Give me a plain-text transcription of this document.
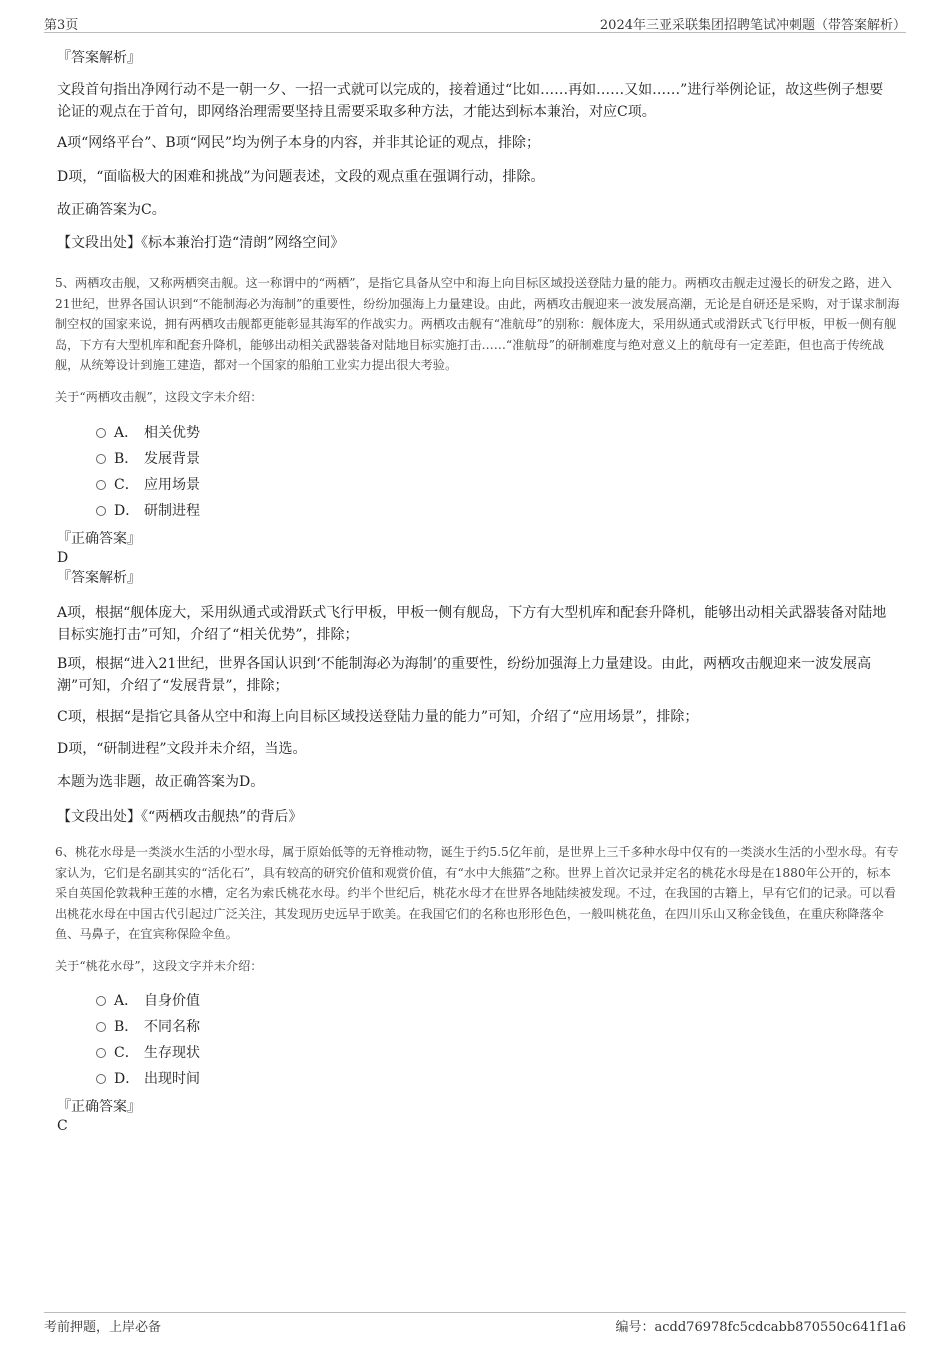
第3页	2024年三亚采联集团招聘笔试冲刺题（带答案解析）
『答案解析』
文段首句指出净网行动不是一朝一夕、一招一式就可以完成的，接着通过“比如……再如……又如……”进行举例论证，故这些例子想要论证的观点在于首句，即网络治理需要坚持且需要采取多种方法，才能达到标本兼治，对应C项。
A项“网络平台”、B项“网民”均为例子本身的内容，并非其论证的观点，排除；
D项，“面临极大的困难和挑战”为问题表述，文段的观点重在强调行动，排除。
故正确答案为C。
【文段出处】《标本兼治打造“清朗”网络空间》
5、两栖攻击舰，又称两栖突击舰。这一称谓中的“两栖”，是指它具备从空中和海上向目标区域投送登陆力量的能力。两栖攻击舰走过漫长的研发之路，进入21世纪，世界各国认识到“不能制海必为海制”的重要性，纷纷加强海上力量建设。由此，两栖攻击舰迎来一波发展高潮，无论是自研还是采购，对于谋求制海制空权的国家来说，拥有两栖攻击舰都更能彰显其海军的作战实力。两栖攻击舰有“准航母”的别称：舰体庞大，采用纵通式或滑跃式飞行甲板，甲板一侧有舰岛，下方有大型机库和配套升降机，能够出动相关武器装备对陆地目标实施打击……“准航母”的研制难度与绝对意义上的航母有一定差距，但也高于传统战舰，从统筹设计到施工建造，都对一个国家的船舶工业实力提出很大考验。
关于“两栖攻击舰”，这段文字未介绍：
A． 相关优势
B． 发展背景
C． 应用场景
D． 研制进程
『正确答案』
D
『答案解析』
A项，根据“舰体庞大，采用纵通式或滑跃式飞行甲板，甲板一侧有舰岛，下方有大型机库和配套升降机，能够出动相关武器装备对陆地目标实施打击”可知，介绍了“相关优势”，排除；
B项，根据“进入21世纪，世界各国认识到‘不能制海必为海制’的重要性，纷纷加强海上力量建设。由此，两栖攻击舰迎来一波发展高潮”可知，介绍了“发展背景”，排除；
C项，根据“是指它具备从空中和海上向目标区域投送登陆力量的能力”可知，介绍了“应用场景”，排除；
D项，“研制进程”文段并未介绍，当选。
本题为选非题，故正确答案为D。
【文段出处】《“两栖攻击舰热”的背后》
6、桃花水母是一类淡水生活的小型水母，属于原始低等的无脊椎动物，诞生于约5.5亿年前，是世界上三千多种水母中仅有的一类淡水生活的小型水母。有专家认为，它们是名副其实的“活化石”，具有较高的研究价值和观赏价值，有“水中大熊猫”之称。世界上首次记录并定名的桃花水母是在1880年公开的，标本采自英国伦敦栽种王莲的水槽，定名为索氏桃花水母。约半个世纪后，桃花水母才在世界各地陆续被发现。不过，在我国的古籍上，早有它们的记录。可以看出桃花水母在中国古代引起过广泛关注，其发现历史远早于欧美。在我国它们的名称也形形色色，一般叫桃花鱼，在四川乐山又称金钱鱼，在重庆称降落伞鱼、马鼻子，在宜宾称保险伞鱼。
关于“桃花水母”，这段文字并未介绍：
A． 自身价值
B． 不同名称
C． 生存现状
D． 出现时间
『正确答案』
C
考前押题，上岸必备	编号：acdd76978fc5cdcabb870550c641f1a6
